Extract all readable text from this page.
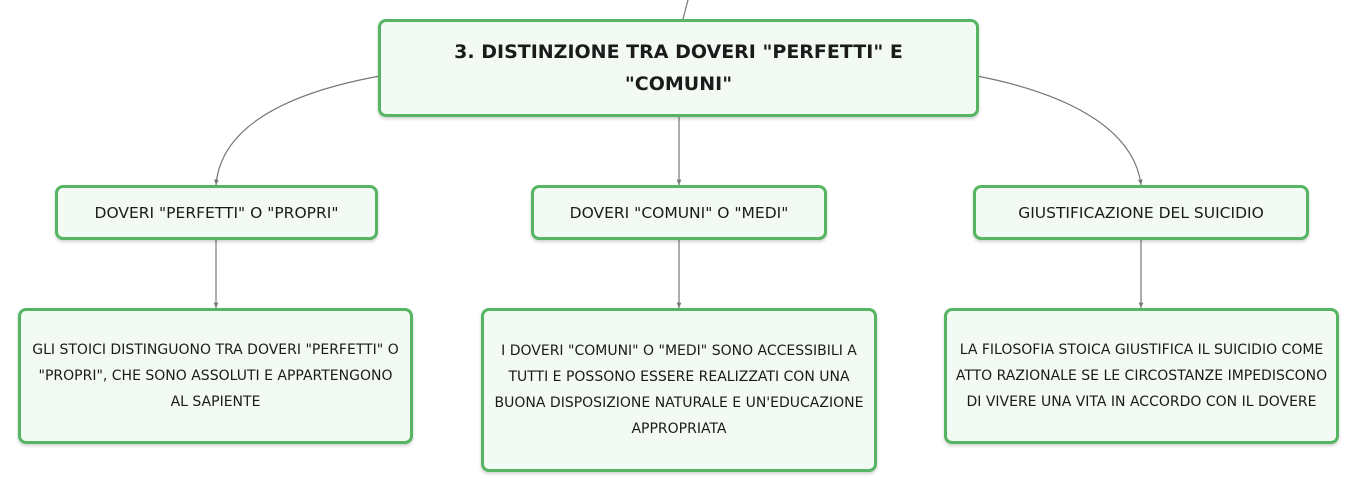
3. DISTINZIONE TRA DOVERI "PERFETTI" E "COMUNI"
DOVERI "PERFETTI" O "PROPRI"	DOVERI "COMUNI" O "MEDI"	GIUSTIFICAZIONE DEL SUICIDIO
GLI STOICI DISTINGUONO TRA DOVERI "PERFETTI" O "PROPRI", CHE SONO ASSOLUTI E APPARTENGONO AL SAPIENTE
I DOVERI "COMUNI" O "MEDI" SONO ACCESSIBILI A TUTTI E POSSONO ESSERE REALIZZATI CON UNA BUONA DISPOSIZIONE NATURALE E UN'EDUCAZIONE APPROPRIATA
LA FILOSOFIA STOICA GIUSTIFICA IL SUICIDIO COME ATTO RAZIONALE SE LE CIRCOSTANZE IMPEDISCONO DI VIVERE UNA VITA IN ACCORDO CON IL DOVERE
